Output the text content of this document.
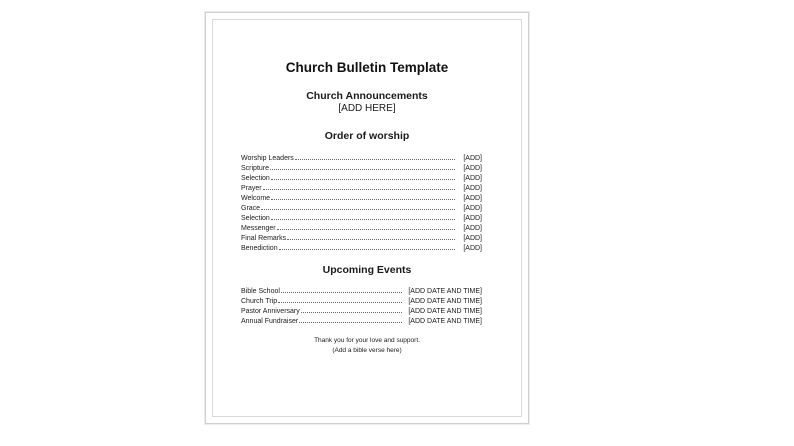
Church Bulletin Template
Church Announcements
[ADD HERE]
Order of worship
Worship Leaders	[ADD]
Scripture	[ADD]
Selection	[ADD]
Prayer	[ADD]
Welcome	[ADD]
Grace	[ADD]
Selection	[ADD]
Messenger	[ADD]
Final Remarks	[ADD]
Benediction	[ADD]
Upcoming Events
Bible School	[ADD DATE AND TIME]
Church Trip	[ADD DATE AND TIME]
Pastor Anniversary	[ADD DATE AND TIME]
Annual Fundraiser	[ADD DATE AND TIME]
Thank you for your love and support.
(Add a bible verse here)
